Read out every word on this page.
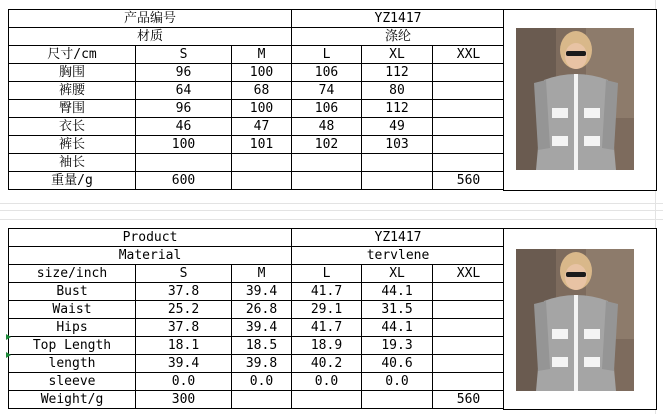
产品编号			YZ1417		
材质			涤纶		
尺寸/cm	S	M	L	XL	XXL
胸围	96	100	106	112	
裤腰	64	68	74	80	
臀围	96	100	106	112	
衣长	46	47	48	49	
裤长	100	101	102	103	
袖长					
重量/g	600				560
Product			YZ1417		
Material			tervlene		
size/inch	S	M	L	XL	XXL
Bust	37.8	39.4	41.7	44.1	
Waist	25.2	26.8	29.1	31.5	
Hips	37.8	39.4	41.7	44.1	
Top Length	18.1	18.5	18.9	19.3	
length	39.4	39.8	40.2	40.6	
sleeve	0.0	0.0	0.0	0.0	
Weight/g	300				560
